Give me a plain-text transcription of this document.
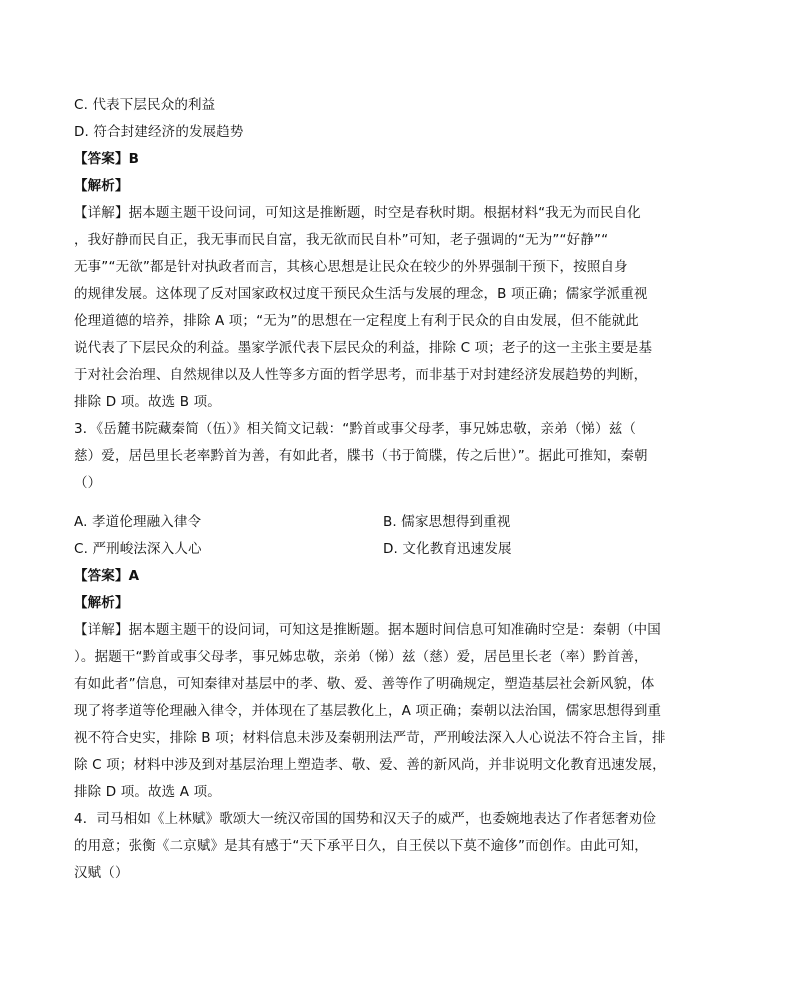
C. 代表下层民众的利益
D. 符合封建经济的发展趋势
【答案】B
【解析】
【详解】据本题主题干设问词，可知这是推断题，时空是春秋时期。根据材料“我无为而民自化
，我好静而民自正，我无事而民自富，我无欲而民自朴”可知，老子强调的“无为”“好静”“
无事”“无欲”都是针对执政者而言，其核心思想是让民众在较少的外界强制干预下，按照自身
的规律发展。这体现了反对国家政权过度干预民众生活与发展的理念，B 项正确；儒家学派重视
伦理道德的培养，排除 A 项；“无为”的思想在一定程度上有利于民众的自由发展，但不能就此
说代表了下层民众的利益。墨家学派代表下层民众的利益，排除 C 项；老子的这一主张主要是基
于对社会治理、自然规律以及人性等多方面的哲学思考，而非基于对封建经济发展趋势的判断，
排除 D 项。故选 B 项。
3．《岳麓书院藏秦简（伍）》相关简文记载：“黔首或事父母孝，事兄姊忠敬，亲弟（悌）兹（
慈）爱，居邑里长老率黔首为善，有如此者，牒书（书于简牒，传之后世）”。据此可推知，秦朝
（）
A. 孝道伦理融入律令	B. 儒家思想得到重视
C. 严刑峻法深入人心	D. 文化教育迅速发展
【答案】A
【解析】
【详解】据本题主题干的设问词，可知这是推断题。据本题时间信息可知准确时空是：秦朝（中国
）。据题干“黔首或事父母孝，事兄姊忠敬，亲弟（悌）兹（慈）爱，居邑里长老（率）黔首善，
有如此者”信息，可知秦律对基层中的孝、敬、爱、善等作了明确规定，塑造基层社会新风貌，体
现了将孝道等伦理融入律令，并体现在了基层教化上，A 项正确；秦朝以法治国，儒家思想得到重
视不符合史实，排除 B 项；材料信息未涉及秦朝刑法严苛，严刑峻法深入人心说法不符合主旨，排
除 C 项；材料中涉及到对基层治理上塑造孝、敬、爱、善的新风尚，并非说明文化教育迅速发展，
排除 D 项。故选 A 项。
4．司马相如《上林赋》歌颂大一统汉帝国的国势和汉天子的威严，也委婉地表达了作者惩奢劝俭
的用意；张衡《二京赋》是其有感于“天下承平日久，自王侯以下莫不逾侈”而创作。由此可知，
汉赋（）
